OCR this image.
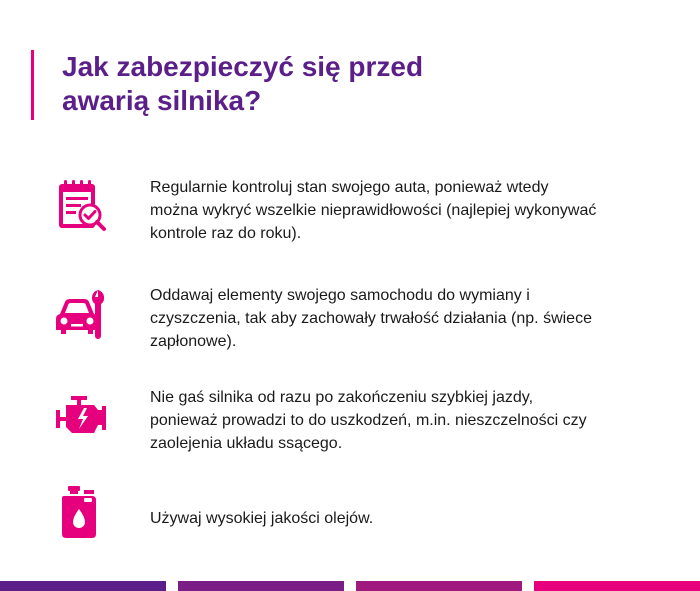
Jak zabezpieczyć się przed
awarią silnika?

Regularnie kontroluj stan swojego auta, ponieważ wtedy
można wykryć wszelkie nieprawidłowości (najlepiej wykonywać
kontrole raz do roku).

Oddawaj elementy swojego samochodu do wymiany i
czyszczenia, tak aby zachowały trwałość działania (np. świece
zapłonowe).

Nie gaś silnika od razu po zakończeniu szybkiej jazdy,
ponieważ prowadzi to do uszkodzeń, m.in. nieszczelności czy
zaolejenia układu ssącego.

Używaj wysokiej jakości olejów.
